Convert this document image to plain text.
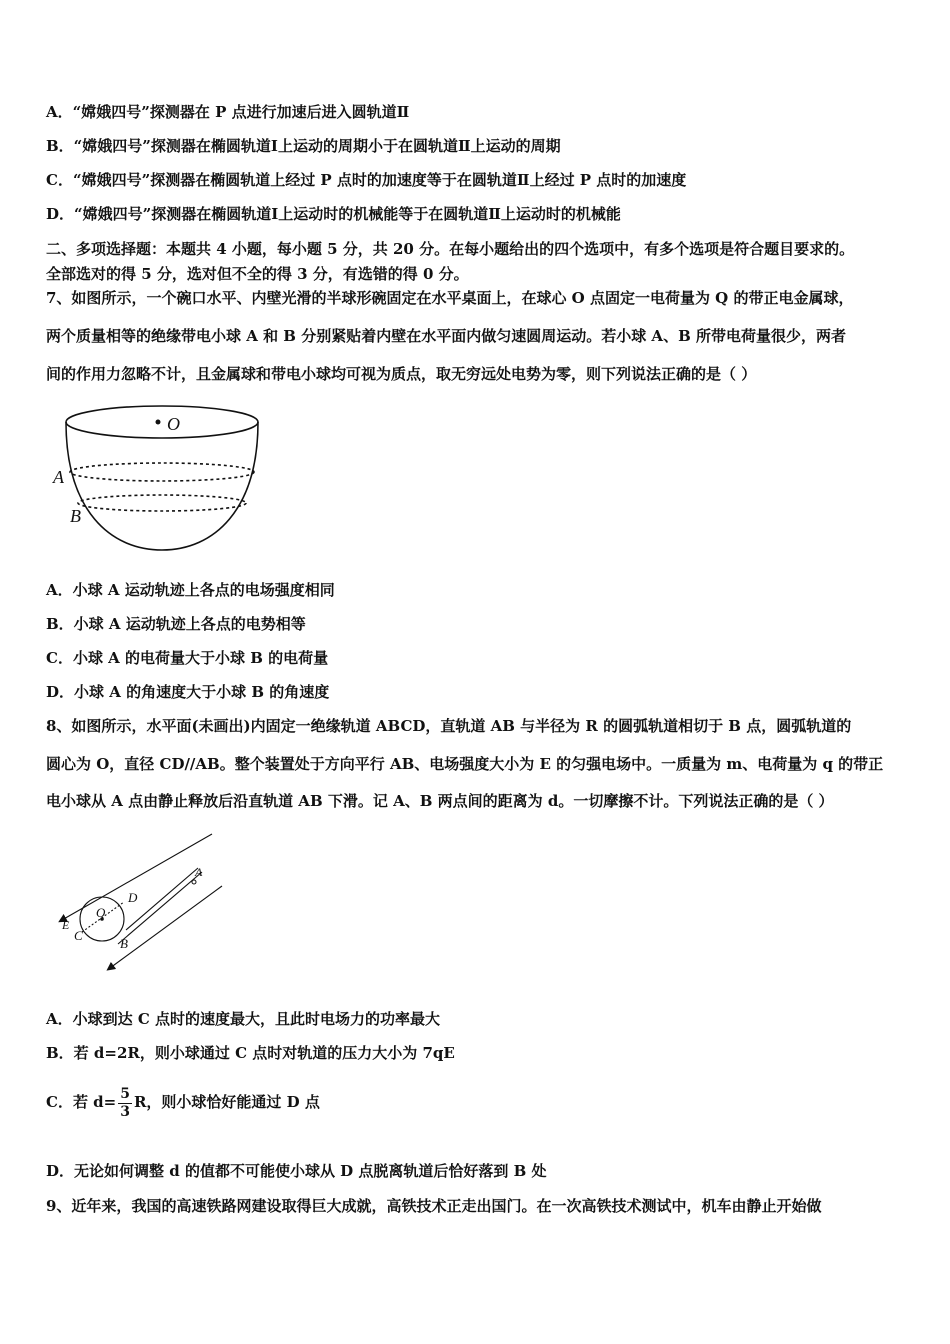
A．“嫦娥四号”探测器在 P 点进行加速后进入圆轨道Ⅱ
B．“嫦娥四号”探测器在椭圆轨道Ⅰ上运动的周期小于在圆轨道Ⅱ上运动的周期
C．“嫦娥四号”探测器在椭圆轨道上经过 P 点时的加速度等于在圆轨道Ⅱ上经过 P 点时的加速度
D．“嫦娥四号”探测器在椭圆轨道Ⅰ上运动时的机械能等于在圆轨道Ⅱ上运动时的机械能
二、多项选择题：本题共 4 小题，每小题 5 分，共 20 分。在每小题给出的四个选项中，有多个选项是符合题目要求的。
全部选对的得 5 分，选对但不全的得 3 分，有选错的得 0 分。
7、如图所示，一个碗口水平、内壁光滑的半球形碗固定在水平桌面上，在球心 O 点固定一电荷量为 Q 的带正电金属球，
两个质量相等的绝缘带电小球 A 和 B 分别紧贴着内壁在水平面内做匀速圆周运动。若小球 A、B 所带电荷量很少，两者
间的作用力忽略不计，且金属球和带电小球均可视为质点，取无穷远处电势为零，则下列说法正确的是（ ）
O
A
B
A．小球 A 运动轨迹上各点的电场强度相同
B．小球 A 运动轨迹上各点的电势相等
C．小球 A 的电荷量大于小球 B 的电荷量
D．小球 A 的角速度大于小球 B 的角速度
8、如图所示，水平面(未画出)内固定一绝缘轨道 ABCD，直轨道 AB 与半径为 R 的圆弧轨道相切于 B 点，圆弧轨道的
圆心为 O，直径 CD//AB。整个装置处于方向平行 AB、电场强度大小为 E 的匀强电场中。一质量为 m、电荷量为 q 的带正
电小球从 A 点由静止释放后沿直轨道 AB 下滑。记 A、B 两点间的距离为 d。一切摩擦不计。下列说法正确的是（ ）
A
D
O
C
B
E
A．小球到达 C 点时的速度最大，且此时电场力的功率最大
B．若 d=2R，则小球通过 C 点时对轨道的压力大小为 7qE
C．若 $d= \frac{5}{3}$ R，则小球恰好能通过 D 点
D．无论如何调整 d 的值都不可能使小球从 D 点脱离轨道后恰好落到 B 处
9、近年来，我国的高速铁路网建设取得巨大成就，高铁技术正走出国门。在一次高铁技术测试中，机车由静止开始做
